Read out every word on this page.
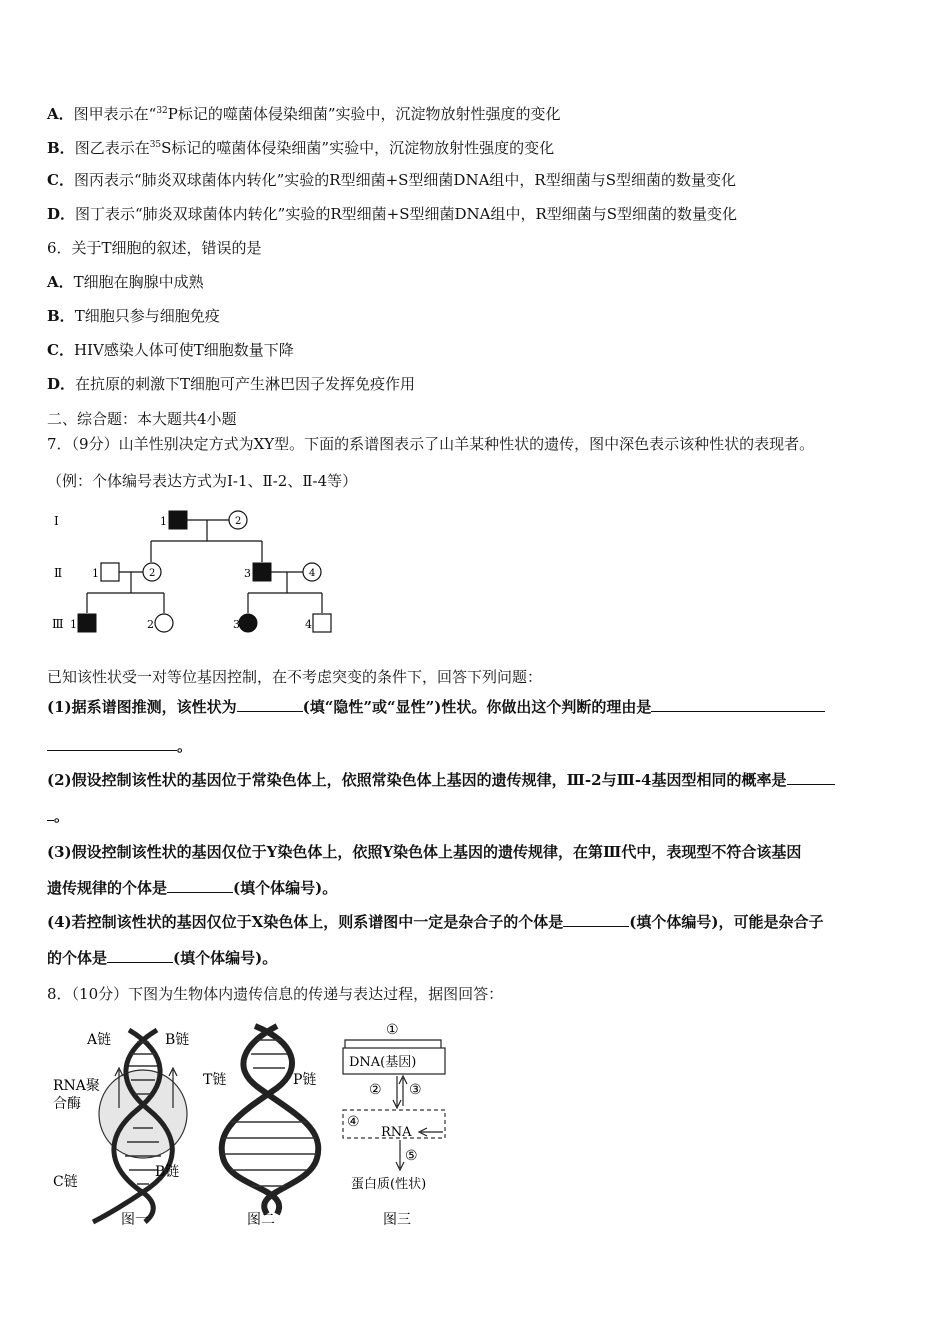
A．图甲表示在“$^{32}$P标记的噬菌体侵染细菌”实验中，沉淀物放射性强度的变化
B．图乙表示在$^{35}$S标记的噬菌体侵染细菌”实验中，沉淀物放射性强度的变化
C．图丙表示“肺炎双球菌体内转化”实验的R型细菌+S型细菌DNA组中，R型细菌与S型细菌的数量变化
D．图丁表示“肺炎双球菌体内转化”实验的R型细菌+S型细菌DNA组中，R型细菌与S型细菌的数量变化
6．关于T细胞的叙述，错误的是
A．T细胞在胸腺中成熟
B．T细胞只参与细胞免疫
C．HIV感染人体可使T细胞数量下降
D．在抗原的刺激下T细胞可产生淋巴因子发挥免疫作用
二、综合题：本大题共4小题
7．（9分）山羊性别决定方式为XY型。下面的系谱图表示了山羊某种性状的遗传，图中深色表示该种性状的表现者。
（例：个体编号表达方式为Ⅰ-1、Ⅱ-2、Ⅱ-4等）
Ⅰ
Ⅱ
Ⅲ
1	2
1	2	3	4
1	2	3	4
已知该性状受一对等位基因控制，在不考虑突变的条件下，回答下列问题：
(1)据系谱图推测，该性状为	(填“隐性”或“显性”)性状。你做出这个判断的理由是
。
(2)假设控制该性状的基因位于常染色体上，依照常染色体上基因的遗传规律，Ⅲ-2与Ⅲ-4基因型相同的概率是
。
(3)假设控制该性状的基因仅位于Y染色体上，依照Y染色体上基因的遗传规律，在第Ⅲ代中，表现型不符合该基因
遗传规律的个体是	(填个体编号)。
(4)若控制该性状的基因仅位于X染色体上，则系谱图中一定是杂合子的个体是	(填个体编号)，可能是杂合子
的个体是	(填个体编号)。
8．（10分）下图为生物体内遗传信息的传递与表达过程，据图回答：
A链	B链
RNA聚
合酶
C链
B链
图一
T链	P链
图二
①
DNA(基因)
② ③
④
RNA
⑤
蛋白质(性状)
图三
